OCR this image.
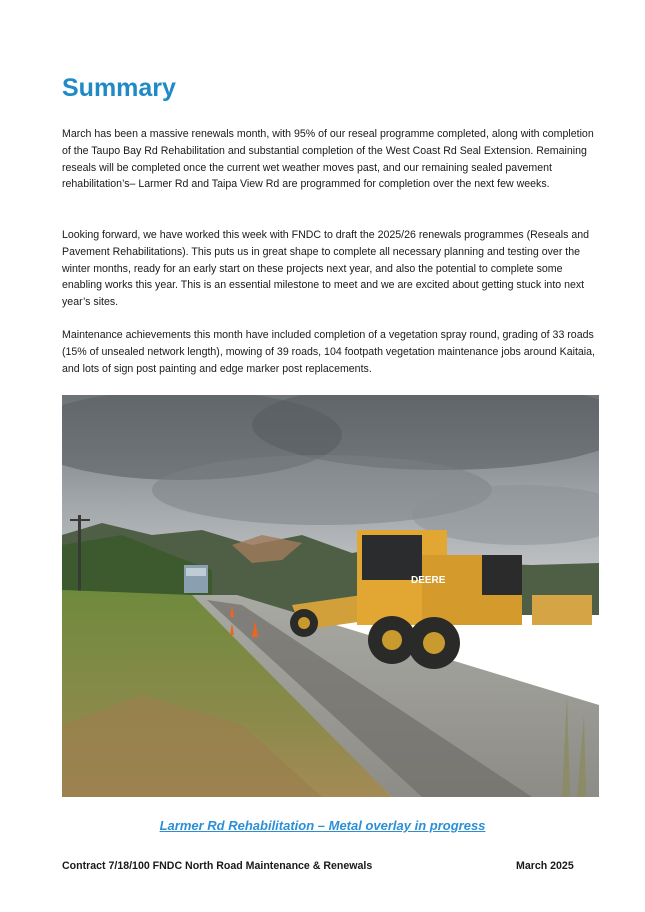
Summary

March has been a massive renewals month, with 95% of our reseal programme completed, along with completion of the Taupo Bay Rd Rehabilitation and substantial completion of the West Coast Rd Seal Extension. Remaining reseals will be completed once the current wet weather moves past, and our remaining sealed pavement rehabilitation’s– Larmer Rd and Taipa View Rd are programmed for completion over the next few weeks.

Looking forward, we have worked this week with FNDC to draft the 2025/26 renewals programmes (Reseals and Pavement Rehabilitations). This puts us in great shape to complete all necessary planning and testing over the winter months, ready for an early start on these projects next year, and also the potential to complete some enabling works this year. This is an essential milestone to meet and we are excited about getting stuck into next year’s sites.

Maintenance achievements this month have included completion of a vegetation spray round, grading of 33 roads (15% of unsealed network length), mowing of 39 roads, 104 footpath vegetation maintenance jobs around Kaitaia, and lots of sign post painting and edge marker post replacements.

DEERE
Larmer Rd Rehabilitation – Metal overlay in progress
Contract 7/18/100 FNDC North Road Maintenance & Renewals	March 2025
